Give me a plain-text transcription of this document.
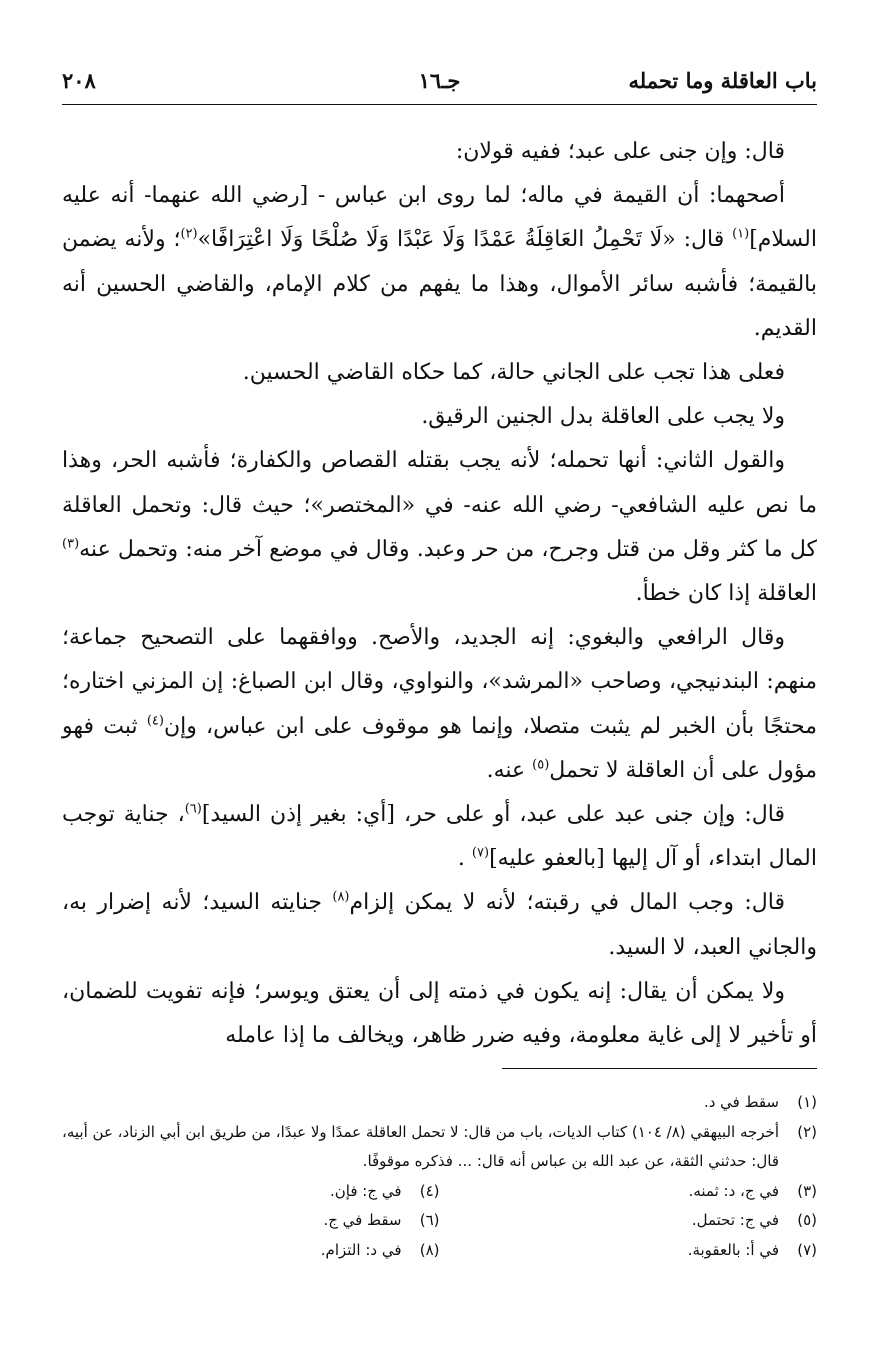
باب العاقلة وما تحمله
جـ١٦
٢٠٨

قال: وإن جنى على عبد؛ ففيه قولان:

أصحهما: أن القيمة في ماله؛ لما روى ابن عباس - [رضي الله عنهما- أنه عليه السلام]$^{(١)}$ قال: «لَا تَحْمِلُ العَاقِلَةُ عَمْدًا وَلَا عَبْدًا وَلَا صُلْحًا وَلَا اعْتِرَافًا»$^{(٢)}$؛ ولأنه يضمن بالقيمة؛ فأشبه سائر الأموال، وهذا ما يفهم من كلام الإمام، والقاضي الحسين أنه القديم.

فعلى هذا تجب على الجاني حالة، كما حكاه القاضي الحسين.

ولا يجب على العاقلة بدل الجنين الرقيق.

والقول الثاني: أنها تحمله؛ لأنه يجب بقتله القصاص والكفارة؛ فأشبه الحر، وهذا ما نص عليه الشافعي- رضي الله عنه- في «المختصر»؛ حيث قال: وتحمل العاقلة كل ما كثر وقل من قتل وجرح، من حر وعبد. وقال في موضع آخر منه: وتحمل عنه$^{(٣)}$ العاقلة إذا كان خطأ.

وقال الرافعي والبغوي: إنه الجديد، والأصح. ووافقهما على التصحيح جماعة؛ منهم: البندنيجي، وصاحب «المرشد»، والنواوي، وقال ابن الصباغ: إن المزني اختاره؛ محتجًا بأن الخبر لم يثبت متصلا، وإنما هو موقوف على ابن عباس، وإن$^{(٤)}$ ثبت فهو مؤول على أن العاقلة لا تحمل$^{(٥)}$ عنه.

قال: وإن جنى عبد على عبد، أو على حر، [أي: بغير إذن السيد]$^{(٦)}$، جناية توجب المال ابتداء، أو آل إليها [بالعفو عليه]$^{(٧)}$ .

قال: وجب المال في رقبته؛ لأنه لا يمكن إلزام$^{(٨)}$ جنايته السيد؛ لأنه إضرار به، والجاني العبد، لا السيد.

ولا يمكن أن يقال: إنه يكون في ذمته إلى أن يعتق ويوسر؛ فإنه تفويت للضمان، أو تأخير لا إلى غاية معلومة، وفيه ضرر ظاهر، ويخالف ما إذا عامله

(١)
سقط في د.
(٢)
أخرجه البيهقي (٨/ ١٠٤) كتاب الديات، باب من قال: لا تحمل العاقلة عمدًا ولا عبدًا، من طريق ابن أبي الزناد، عن أبيه، قال: حدثني الثقة، عن عبد الله بن عباس أنه قال: ... فذكره موقوفًا.
(٣)
في ج، د: ثمنه.
(٤)
في ج: فإن.
(٥)
في ج: تحتمل.
(٦)
سقط في ج.
(٧)
في أ: بالعقوبة.
(٨)
في د: التزام.
